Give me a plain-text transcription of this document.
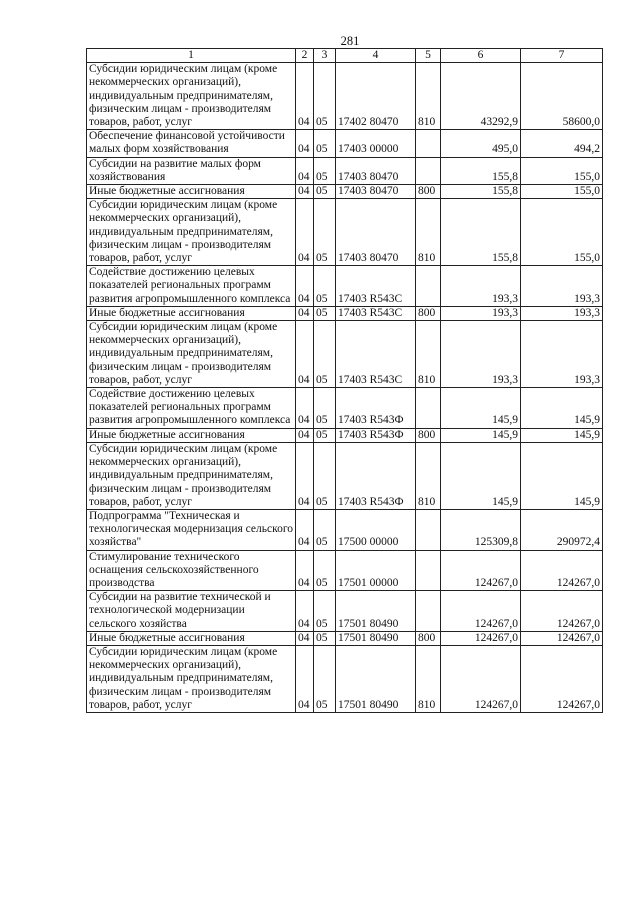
281
1	2	3	4	5	6	7
Субсидии юридическим лицам (кроме некоммерческих организаций), индивидуальным предпринимателям, физическим лицам - производителям товаров, работ, услуг	04	05	17402 80470	810	43292,9	58600,0
Обеспечение финансовой устойчивости малых форм хозяйствования	04	05	17403 00000		495,0	494,2
Субсидии на развитие малых форм хозяйствования	04	05	17403 80470		155,8	155,0
Иные бюджетные ассигнования	04	05	17403 80470	800	155,8	155,0
Субсидии юридическим лицам (кроме некоммерческих организаций), индивидуальным предпринимателям, физическим лицам - производителям товаров, работ, услуг	04	05	17403 80470	810	155,8	155,0
Содействие достижению целевых показателей региональных программ развития агропромышленного комплекса	04	05	17403 R543C		193,3	193,3
Иные бюджетные ассигнования	04	05	17403 R543C	800	193,3	193,3
Субсидии юридическим лицам (кроме некоммерческих организаций), индивидуальным предпринимателям, физическим лицам - производителям товаров, работ, услуг	04	05	17403 R543C	810	193,3	193,3
Содействие достижению целевых показателей региональных программ развития агропромышленного комплекса	04	05	17403 R543Ф		145,9	145,9
Иные бюджетные ассигнования	04	05	17403 R543Ф	800	145,9	145,9
Субсидии юридическим лицам (кроме некоммерческих организаций), индивидуальным предпринимателям, физическим лицам - производителям товаров, работ, услуг	04	05	17403 R543Ф	810	145,9	145,9
Подпрограмма "Техническая и технологическая модернизация сельского хозяйства"	04	05	17500 00000		125309,8	290972,4
Стимулирование технического оснащения сельскохозяйственного производства	04	05	17501 00000		124267,0	124267,0
Субсидии на развитие технической и технологической модернизации сельского хозяйства	04	05	17501 80490		124267,0	124267,0
Иные бюджетные ассигнования	04	05	17501 80490	800	124267,0	124267,0
Субсидии юридическим лицам (кроме некоммерческих организаций), индивидуальным предпринимателям, физическим лицам - производителям товаров, работ, услуг	04	05	17501 80490	810	124267,0	124267,0
